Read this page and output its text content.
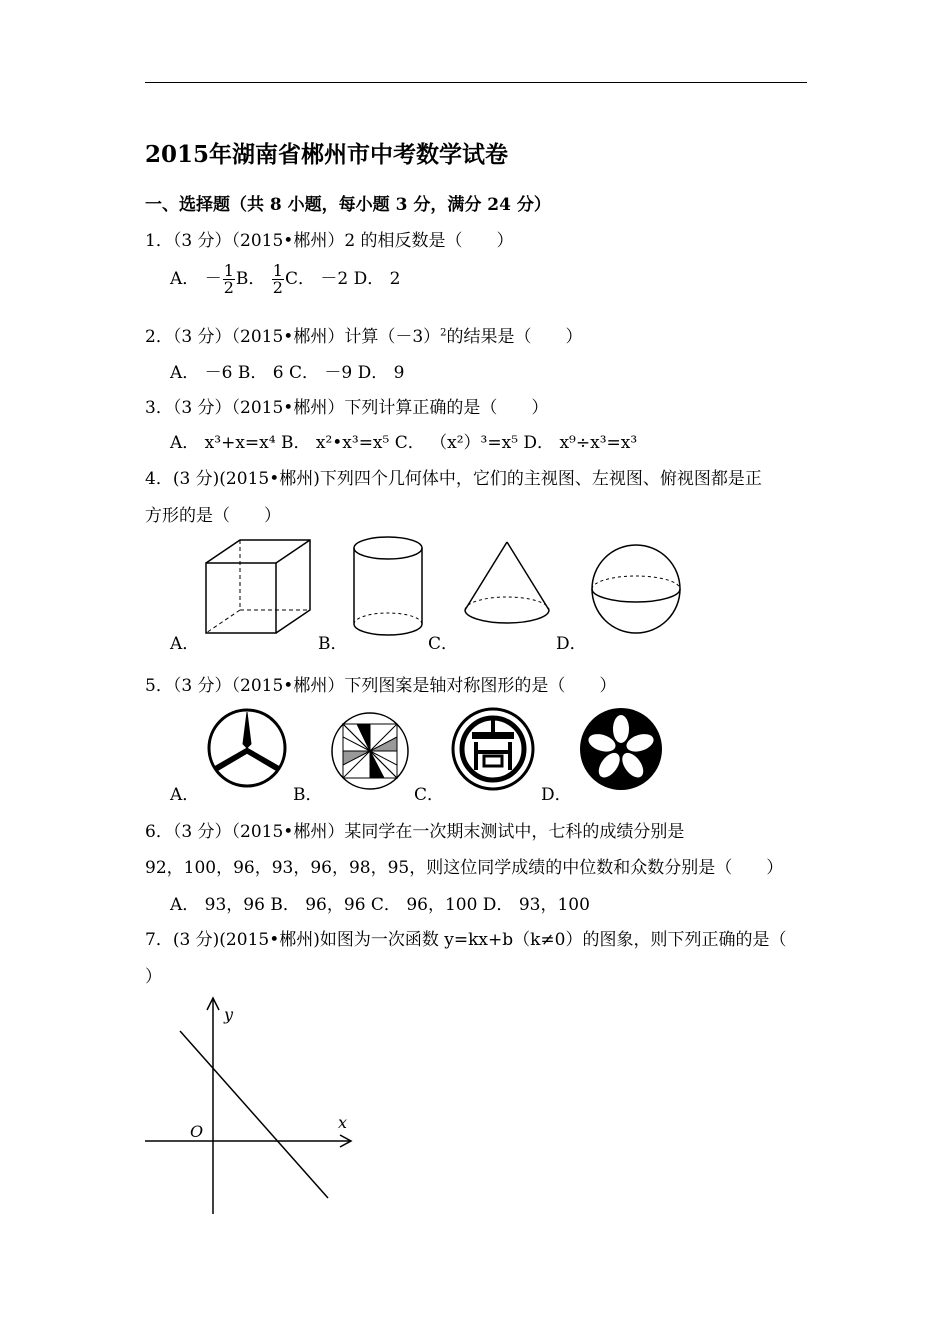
2015年湖南省郴州市中考数学试卷
一、选择题（共 8 小题，每小题 3 分，满分 24 分）
1．（3 分）（2015•郴州）2 的相反数是（　　）
A． － $\frac{1}{2}$ B． $\frac{1}{2}$ C． －2 D． 2
2．（3 分）（2015•郴州）计算$(-3)^2$的结果是（　　）
A． －6 B． 6 C． －9 D． 9
3．（3 分）（2015•郴州）下列计算正确的是（　　）
A． x³+x=x⁴ B． x²•x³=x⁵ C． （x²）³=x⁵ D． x⁹÷x³=x³
4．(3 分)(2015•郴州)下列四个几何体中，它们的主视图、左视图、俯视图都是正
方形的是（　　）
A．	B．	C．	D．
5．（3 分）（2015•郴州）下列图案是轴对称图形的是（　　）
A．	B．	C．	D．
6．（3 分）（2015•郴州）某同学在一次期末测试中，七科的成绩分别是
92，100，96，93，96，98，95，则这位同学成绩的中位数和众数分别是（　　）
A． 93，96 B． 96，96 C． 96，100 D． 93，100
7．(3 分)(2015•郴州)如图为一次函数 y=kx+b（k≠0）的图象，则下列正确的是（
）
y
x
O
